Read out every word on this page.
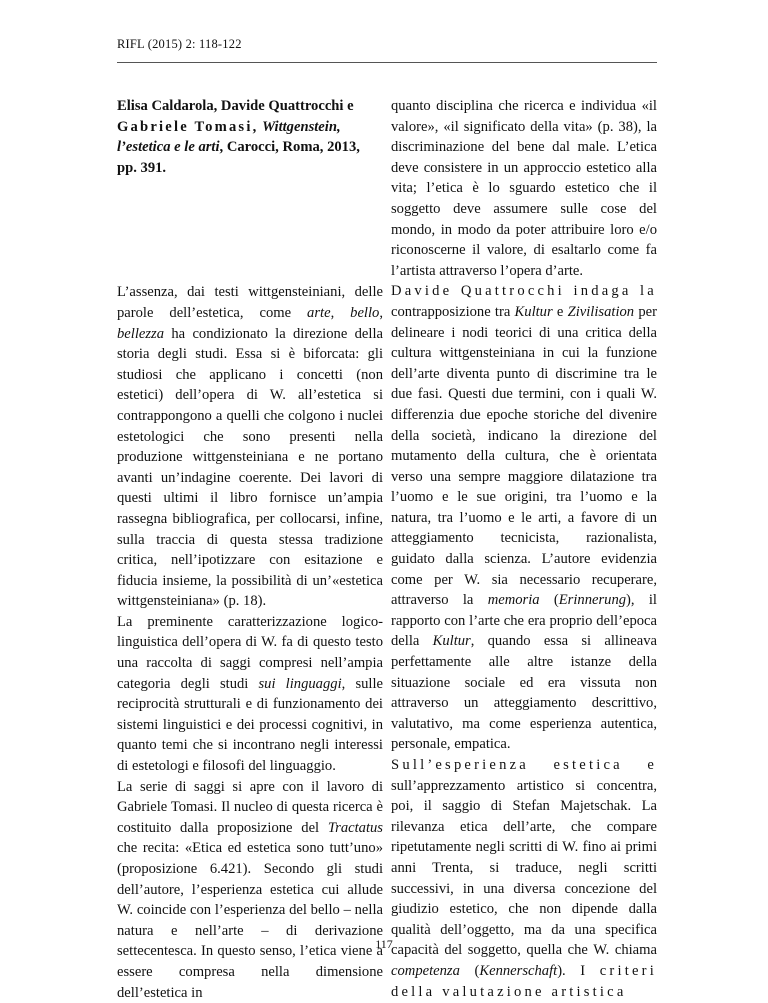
RIFL (2015) 2: 118-122

Elisa Caldarola, Davide Quattrocchi e
Gabriele Tomasi, Wittgenstein, l’estetica e le arti, Carocci, Roma, 2013, pp. 391.

L’assenza, dai testi wittgensteiniani, delle parole dell’estetica, come arte, bello, bellezza ha condizionato la direzione della storia degli studi. Essa si è biforcata: gli studiosi che applicano i concetti (non estetici) dell’opera di W. all’estetica si contrappongono a quelli che colgono i nuclei estetologici che sono presenti nella produzione wittgensteiniana e ne portano avanti un’indagine coerente. Dei lavori di questi ultimi il libro fornisce un’ampia rassegna bibliografica, per collocarsi, infine, sulla traccia di questa stessa tradizione critica, nell’ipotizzare con esitazione e fiducia insieme, la possibilità di un’«estetica wittgensteiniana» (p. 18).

La preminente caratterizzazione logico-linguistica dell’opera di W. fa di questo testo una raccolta di saggi compresi nell’ampia categoria degli studi sui linguaggi, sulle reciprocità strutturali e di funzionamento dei sistemi linguistici e dei processi cognitivi, in quanto temi che si incontrano negli interessi di estetologi e filosofi del linguaggio.

La serie di saggi si apre con il lavoro di Gabriele Tomasi. Il nucleo di questa ricerca è costituito dalla proposizione del Tractatus che recita: «Etica ed estetica sono tutt’uno» (proposizione 6.421). Secondo gli studi dell’autore, l’esperienza estetica cui allude W. coincide con l’esperienza del bello – nella natura e nell’arte – di derivazione settecentesca. In questo senso, l’etica viene a essere compresa nella dimensione dell’estetica in

quanto disciplina che ricerca e individua «il valore», «il significato della vita» (p. 38), la discriminazione del bene dal male. L’etica deve consistere in un approccio estetico alla vita; l’etica è lo sguardo estetico che il soggetto deve assumere sulle cose del mondo, in modo da poter attribuire loro e/o riconoscerne il valore, di esaltarlo come fa l’artista attraverso l’opera d’arte.

Davide Quattrocchi indaga la contrapposizione tra Kultur e Zivilisation per delineare i nodi teorici di una critica della cultura wittgensteiniana in cui la funzione dell’arte diventa punto di discrimine tra le due fasi. Questi due termini, con i quali W. differenzia due epoche storiche del divenire della società, indicano la direzione del mutamento della cultura, che è orientata verso una sempre maggiore dilatazione tra l’uomo e le sue origini, tra l’uomo e la natura, tra l’uomo e le arti, a favore di un atteggiamento tecnicista, razionalista, guidato dalla scienza. L’autore evidenzia come per W. sia necessario recuperare, attraverso la memoria (Erinnerung), il rapporto con l’arte che era proprio dell’epoca della Kultur, quando essa si allineava perfettamente alle altre istanze della situazione sociale ed era vissuta non attraverso un atteggiamento descrittivo, valutativo, ma come esperienza autentica, personale, empatica.

Sull’esperienza estetica e sull’apprezzamento artistico si concentra, poi, il saggio di Stefan Majetschak. La rilevanza etica dell’arte, che compare ripetutamente negli scritti di W. fino ai primi anni Trenta, si traduce, negli scritti successivi, in una diversa concezione del giudizio estetico, che non dipende dalla qualità dell’oggetto, ma da una specifica capacità del soggetto, quella che W. chiama competenza (Kennerschaft). I criteri della valutazione artistica

117
